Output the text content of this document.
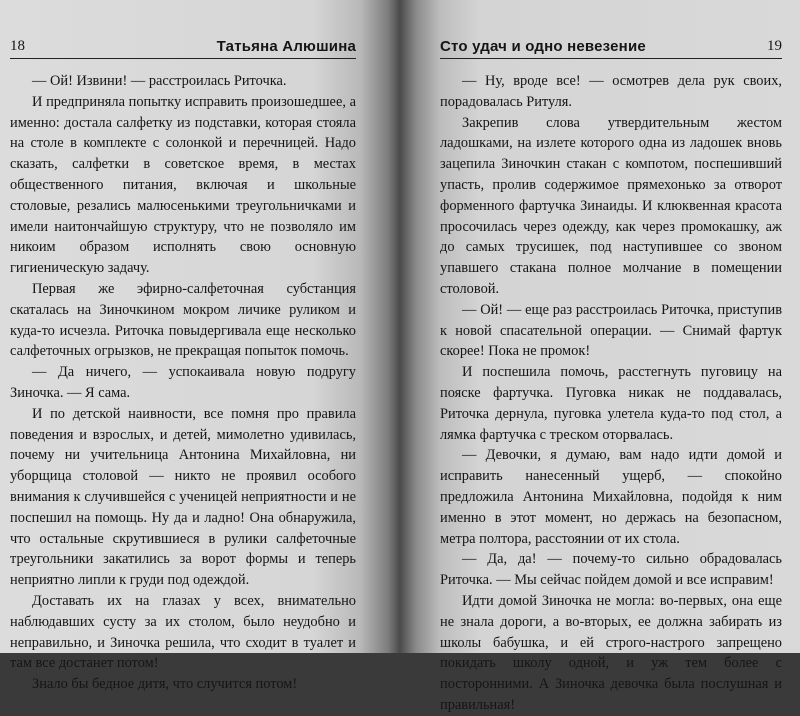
18	Татьяна Алюшина

— Ой! Извини! — расстроилась Риточка.

И предприняла попытку исправить произошедшее, а именно: достала салфетку из подставки, которая стояла на столе в комплекте с солонкой и перечницей. Надо сказать, салфетки в советское время, в местах общественного питания, включая и школьные столовые, резались малюсенькими треугольничками и имели наитончайшую структуру, что не позволяло им никоим образом исполнять свою основную гигиеническую задачу.

Первая же эфирно-салфеточная субстанция скаталась на Зиночкином мокром личике руликом и куда-то исчезла. Риточка повыдергивала еще несколько салфеточных огрызков, не прекращая попыток помочь.

— Да ничего, — успокаивала новую подругу Зиночка. — Я сама.

И по детской наивности, все помня про правила поведения и взрослых, и детей, мимолетно удивилась, почему ни учительница Антонина Михайловна, ни уборщица столовой — никто не проявил особого внимания к случившейся с ученицей неприятности и не поспешил на помощь. Ну да и ладно! Она обнаружила, что остальные скрутившиеся в рулики салфеточные треугольники закатились за ворот формы и теперь неприятно липли к груди под одеждой.

Доставать их на глазах у всех, внимательно наблюдавших сусту за их столом, было неудобно и неправильно, и Зиночка решила, что сходит в туалет и там все достанет потом!

Знало бы бедное дитя, что случится потом!

Сто удач и одно невезение	19

— Ну, вроде все! — осмотрев дела рук своих, порадовалась Ритуля.

Закрепив слова утвердительным жестом ладошками, на излете которого одна из ладошек вновь зацепила Зиночкин стакан с компотом, поспешивший упасть, пролив содержимое прямехонько за отворот форменного фартучка Зинаиды. И клюквенная красота просочилась через одежду, как через промокашку, аж до самых трусишек, под наступившее со звоном упавшего стакана полное молчание в помещении столовой.

— Ой! — еще раз расстроилась Риточка, приступив к новой спасательной операции. — Снимай фартук скорее! Пока не промок!

И поспешила помочь, расстегнуть пуговицу на пояске фартучка. Пуговка никак не поддавалась, Риточка дернула, пуговка улетела куда-то под стол, а лямка фартучка с треском оторвалась.

— Девочки, я думаю, вам надо идти домой и исправить нанесенный ущерб, — спокойно предложила Антонина Михайловна, подойдя к ним именно в этот момент, но держась на безопасном, метра полтора, расстоянии от их стола.

— Да, да! — почему-то сильно обрадовалась Риточка. — Мы сейчас пойдем домой и все исправим!

Идти домой Зиночка не могла: во-первых, она еще не знала дороги, а во-вторых, ее должна забирать из школы бабушка, и ей строго-настрого запрещено покидать школу одной, и уж тем более с посторонними. А Зиночка девочка была послушная и правильная!
